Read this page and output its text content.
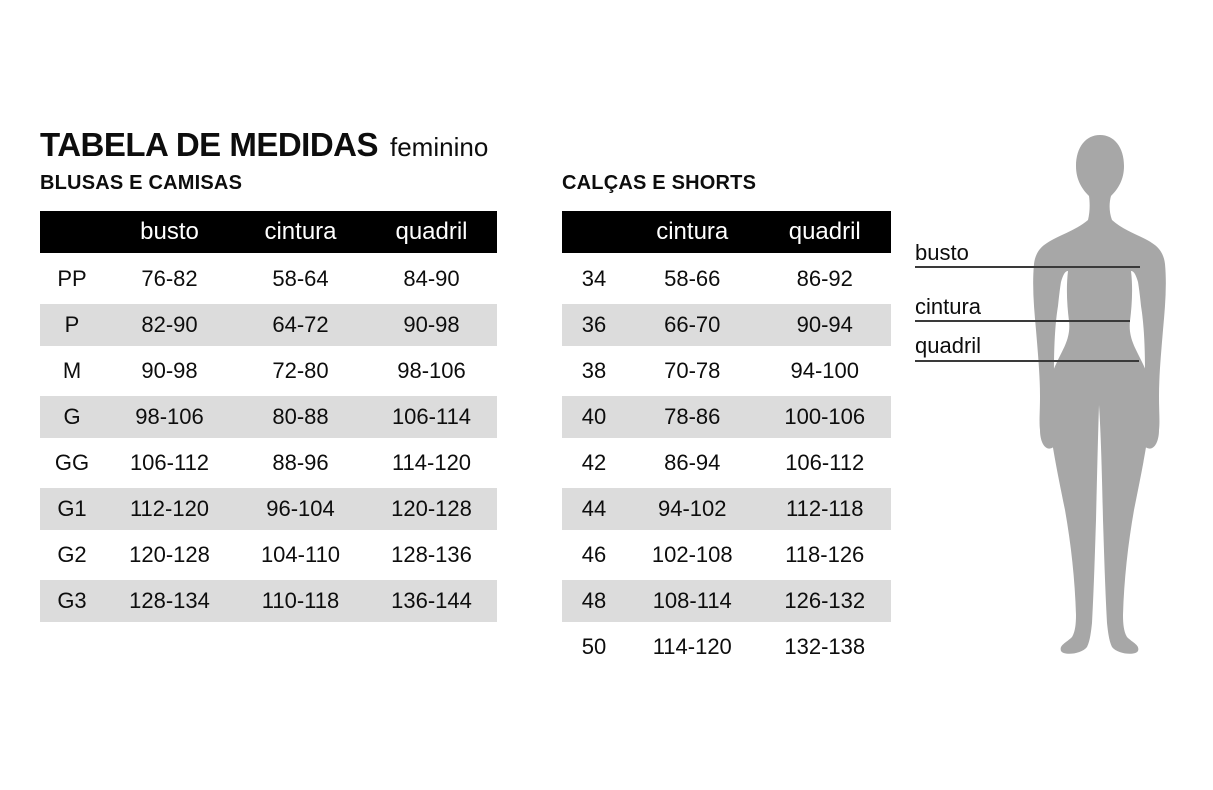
TABELA DE MEDIDAS feminino
BLUSAS E CAMISAS	CALÇAS E SHORTS
busto	cintura	quadril
PP	76-82	58-64	84-90
P	82-90	64-72	90-98
M	90-98	72-80	98-106
G	98-106	80-88	106-114
GG	106-112	88-96	114-120
G1	112-120	96-104	120-128
G2	120-128	104-110	128-136
G3	128-134	110-118	136-144
cintura	quadril
34	58-66	86-92
36	66-70	90-94
38	70-78	94-100
40	78-86	100-106
42	86-94	106-112
44	94-102	112-118
46	102-108	118-126
48	108-114	126-132
50	114-120	132-138
busto
cintura
quadril
